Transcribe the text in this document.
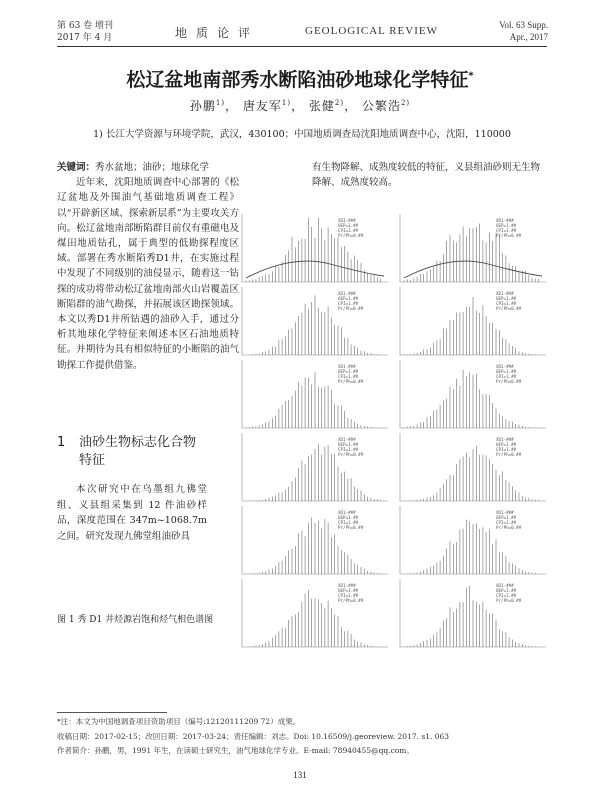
第 63 卷 增刊
2017 年 4 月	地质论评	GEOLOGICAL REVIEW	Vol. 63 Supp.
Apr., 2017
松辽盆地南部秀水断陷油砂地球化学特征*
孙鹏$^{1)}$， 唐友军$^{1)}$， 张健$^{2)}$， 公繁浩$^{2)}$
1) 长江大学资源与环境学院，武汉，430100；中国地质调查局沈阳地质调查中心，沈阳，110000

关键词：秀水盆地；油砂；地球化学

近年来，沈阳地质调查中心部署的《松辽盆地及外围油气基础地质调查工程》以“开辟新区域、探索新层系”为主要攻关方向。松辽盆地南部断陷群目前仅有重磁电及煤田地质钻孔，属于典型的低勘探程度区域。部署在秀水断陷秀D1井，在实施过程中发现了不同级别的油侵显示，随着这一钻探的成功将带动松辽盆地南部火山岩覆盖区断陷群的油气勘探，并拓展该区勘探领域。本文以秀D1井所钻遇的油砂入手，通过分析其地球化学特征来阐述本区石油地质特征。并期待为具有相似特征的小断陷的油气勘探工作提供借鉴。

1 油砂生物标志化合物
特征

本次研究中在乌墨组九佛堂组、义县组采集到 12 件油砂样品，深度范围在 347m~1068.7m 之间。研究发现九佛堂组油砂具

有生物降解、成熟度较低的特征，义县组油砂则无生物降解、成熟度较高。

图 1 秀 D1 井烃源岩饱和烃气相色谱图
XD1-###
OEP=1.##
CPI=1.##
Pr/Ph=0.##
XD1-###
OEP=1.##
CPI=1.##
Pr/Ph=0.##
XD1-###
OEP=1.##
CPI=1.##
Pr/Ph=0.##
XD1-###
OEP=1.##
CPI=1.##
Pr/Ph=0.##
XD1-###
OEP=1.##
CPI=1.##
Pr/Ph=0.##
XD1-###
OEP=1.##
CPI=1.##
Pr/Ph=0.##
XD1-###
OEP=1.##
CPI=1.##
Pr/Ph=0.##
XD1-###
OEP=1.##
CPI=1.##
Pr/Ph=0.##
XD1-###
OEP=1.##
CPI=1.##
Pr/Ph=0.##
XD1-###
OEP=1.##
CPI=1.##
Pr/Ph=0.##
XD1-###
OEP=1.##
CPI=1.##
Pr/Ph=0.##
XD1-###
OEP=1.##
CPI=1.##
Pr/Ph=0.##
*注：本文为中国地调查项目资助项目（编号:12120111209 72）成果。
收稿日期：2017-02-15；改回日期：2017-03-24；责任编辑：刘志。Doi: 10.16509/j.georeview. 2017. s1. 063
作者简介：孙鹏，男，1991 年生，在读硕士研究生，油气地球化学专业。E-mail: 78940455@qq.com。
131
